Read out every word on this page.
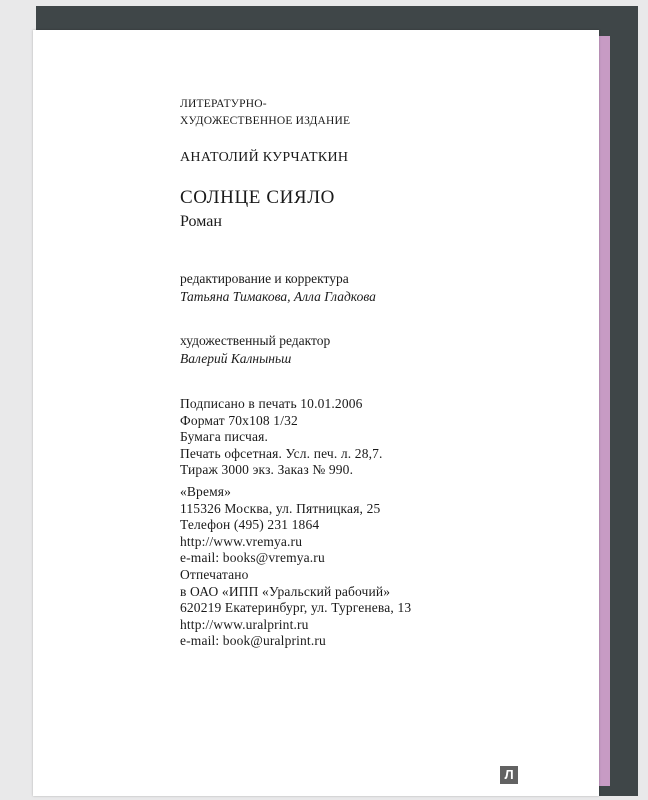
ЛИТЕРАТУРНО-
ХУДОЖЕСТВЕННОЕ ИЗДАНИЕ
АНАТОЛИЙ КУРЧАТКИН
СОЛНЦЕ СИЯЛО
Роман
редактирование и корректура
Татьяна Тимакова, Алла Гладкова
художественный редактор
Валерий Калныньш
Подписано в печать 10.01.2006
Формат 70x108 1/32
Бумага писчая.
Печать офсетная. Усл. печ. л. 28,7.
Тираж 3000 экз. Заказ № 990.
«Время»
115326 Москва, ул. Пятницкая, 25
Телефон (495) 231 1864
http://www.vremya.ru
e-mail: books@vremya.ru
Отпечатано
в ОАО «ИПП «Уральский рабочий»
620219 Екатеринбург, ул. Тургенева, 13
http://www.uralprint.ru
e-mail: book@uralprint.ru
Л
